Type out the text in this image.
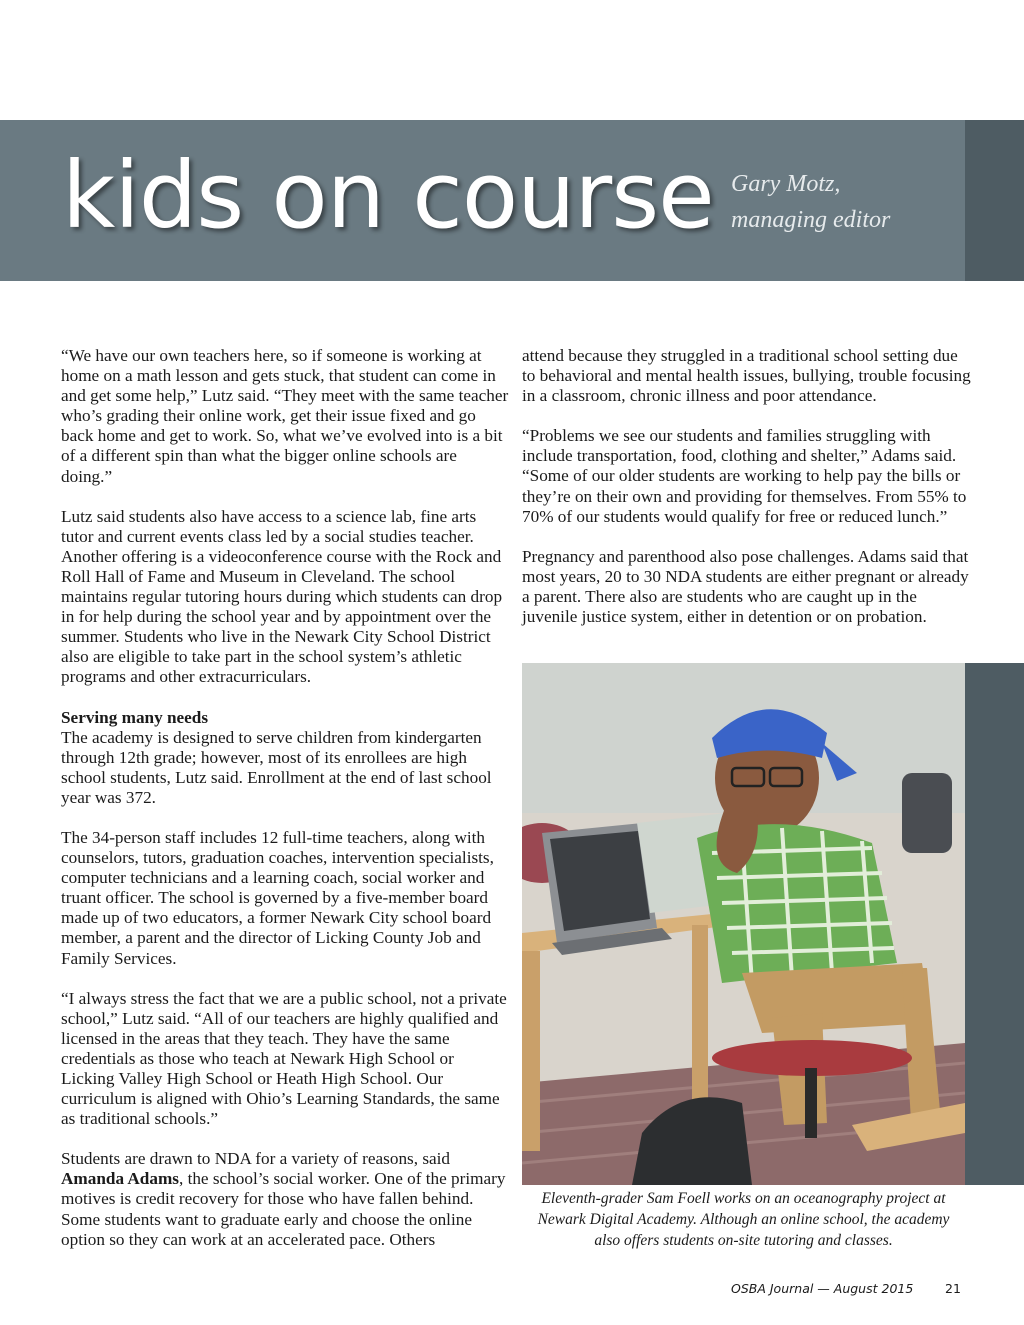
kids on course Gary Motz,
managing editor

“We have our own teachers here, so if someone is working at home on a math lesson and gets stuck, that student can come in and get some help,” Lutz said. “They meet with the same teacher who’s grading their online work, get their issue fixed and go back home and get to work. So, what we’ve evolved into is a bit of a different spin than what the bigger online schools are doing.”

Lutz said students also have access to a science lab, fine arts tutor and current events class led by a social studies teacher. Another offering is a videoconference course with the Rock and Roll Hall of Fame and Museum in Cleveland. The school maintains regular tutoring hours during which students can drop in for help during the school year and by appointment over the summer. Students who live in the Newark City School District also are eligible to take part in the school system’s athletic programs and other extracurriculars.

Serving many needs
The academy is designed to serve children from kindergarten through 12th grade; however, most of its enrollees are high school students, Lutz said. Enrollment at the end of last school year was 372.

The 34-person staff includes 12 full-time teachers, along with counselors, tutors, graduation coaches, intervention specialists, computer technicians and a learning coach, social worker and truant officer. The school is governed by a five-member board made up of two educators, a former Newark City school board member, a parent and the director of Licking County Job and Family Services.

“I always stress the fact that we are a public school, not a private school,” Lutz said. “All of our teachers are highly qualified and licensed in the areas that they teach. They have the same credentials as those who teach at Newark High School or Licking Valley High School or Heath High School. Our curriculum is aligned with Ohio’s Learning Standards, the same as traditional schools.”

Students are drawn to NDA for a variety of reasons, said Amanda Adams, the school’s social worker. One of the primary motives is credit recovery for those who have fallen behind. Some students want to graduate early and choose the online option so they can work at an accelerated pace. Others

attend because they struggled in a traditional school setting due to behavioral and mental health issues, bullying, trouble focusing in a classroom, chronic illness and poor attendance.

“Problems we see our students and families struggling with include transportation, food, clothing and shelter,” Adams said. “Some of our older students are working to help pay the bills or they’re on their own and providing for themselves. From 55% to 70% of our students would qualify for free or reduced lunch.”

Pregnancy and parenthood also pose challenges. Adams said that most years, 20 to 30 NDA students are either pregnant or already a parent. There also are students who are caught up in the juvenile justice system, either in detention or on probation.

Eleventh-grader Sam Foell works on an oceanography project at
Newark Digital Academy. Although an online school, the academy
also offers students on-site tutoring and classes.
OSBA Journal — August 2015	21
